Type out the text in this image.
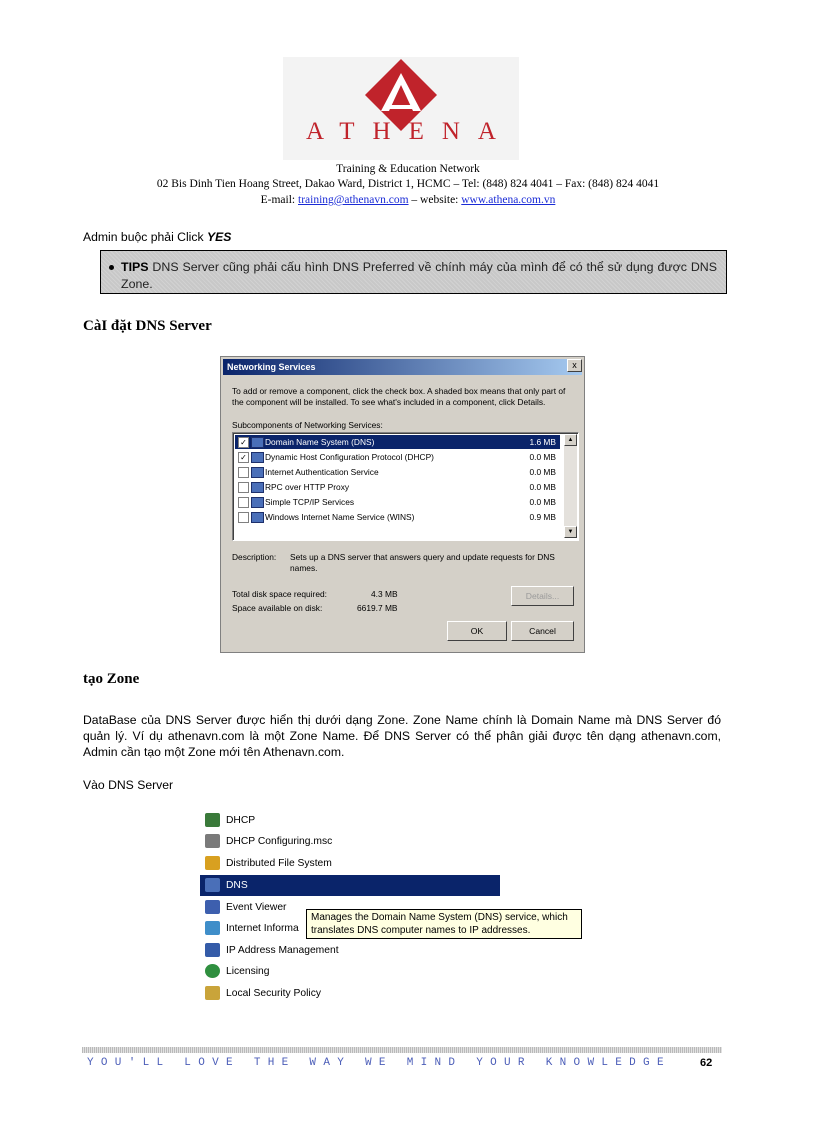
ATHENA
Training & Education Network
02 Bis Dinh Tien Hoang Street, Dakao Ward, District 1, HCMC – Tel: (848) 824 4041 – Fax: (848) 824 4041
E-mail: training@athenavn.com – website: www.athena.com.vn

Admin buộc phải Click YES

TIPS DNS Server cũng phải cấu hình DNS Preferred về chính máy của mình để có thể sử dụng được DNS Zone.
CàI đặt DNS Server
Networking Services	x
To add or remove a component, click the check box. A shaded box means that only part of the component will be installed. To see what's included in a component, click Details.
Subcomponents of Networking Services:
✓ Domain Name System (DNS)	1.6 MB
✓ Dynamic Host Configuration Protocol (DHCP)	0.0 MB
Internet Authentication Service	0.0 MB
RPC over HTTP Proxy	0.0 MB
Simple TCP/IP Services	0.0 MB
Windows Internet Name Service (WINS)	0.9 MB
▲
▼
Description: Sets up a DNS server that answers query and update requests for DNS names.
Total disk space required:	4.3 MB
Space available on disk:	6619.7 MB
Details...
OK	Cancel
tạo Zone

DataBase của DNS Server được hiển thị dưới dạng Zone. Zone Name chính là Domain Name mà DNS Server đó quản lý. Ví dụ athenavn.com là một Zone Name. Để DNS Server có thể phân giải được tên dạng athenavn.com, Admin cần tạo một Zone mới tên Athenavn.com.

Vào DNS Server

DHCP
DHCP Configuring.msc
Distributed File System
DNS
Event Viewer
Internet Informa
IP Address Management
Licensing
Local Security Policy
Manages the Domain Name System (DNS) service, which translates DNS computer names to IP addresses.
YOU'LL LOVE THE WAY WE MIND YOUR KNOWLEDGE	62
